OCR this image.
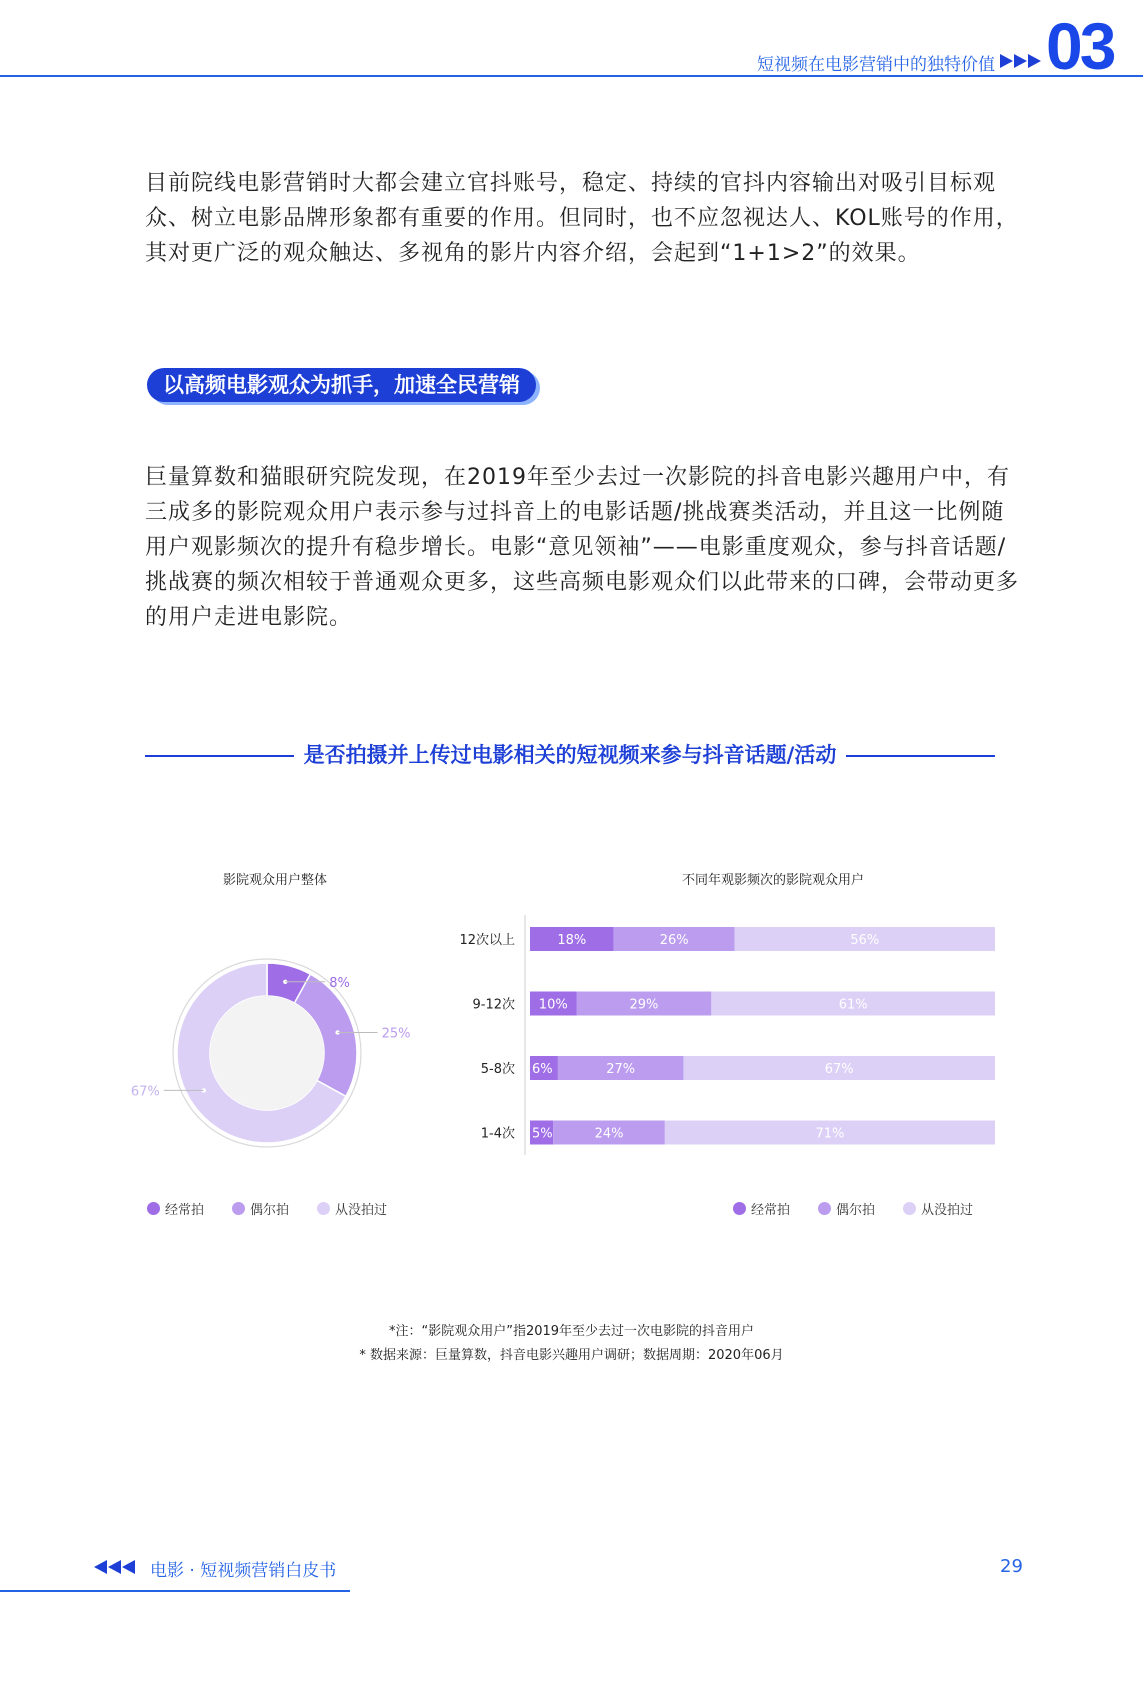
短视频在电影营销中的独特价值 03
目前院线电影营销时大都会建立官抖账号，稳定、持续的官抖内容输出对吸引目标观众、树立电影品牌形象都有重要的作用。但同时，也不应忽视达人、KOL账号的作用，其对更广泛的观众触达、多视角的影片内容介绍，会起到“1+1>2”的效果。
以高频电影观众为抓手，加速全民营销
巨量算数和猫眼研究院发现，在2019年至少去过一次影院的抖音电影兴趣用户中，有三成多的影院观众用户表示参与过抖音上的电影话题/挑战赛类活动，并且这一比例随用户观影频次的提升有稳步增长。电影“意见领袖”——电影重度观众，参与抖音话题/挑战赛的频次相较于普通观众更多，这些高频电影观众们以此带来的口碑，会带动更多的用户走进电影院。
是否拍摄并上传过电影相关的短视频来参与抖音话题/活动
影院观众用户整体
8%
25%
67%
经常拍	偶尔拍	从没拍过
不同年观影频次的影院观众用户
12次以上	18%	26%	56%
9-12次 10%	29%	61%
5-8次 6%	27%	67%
1-4次 5%	24%	71%
经常拍	偶尔拍	从没拍过
*注：“影院观众用户”指2019年至少去过一次电影院的抖音用户
* 数据来源：巨量算数，抖音电影兴趣用户调研；数据周期：2020年06月
电影 · 短视频营销白皮书	29
